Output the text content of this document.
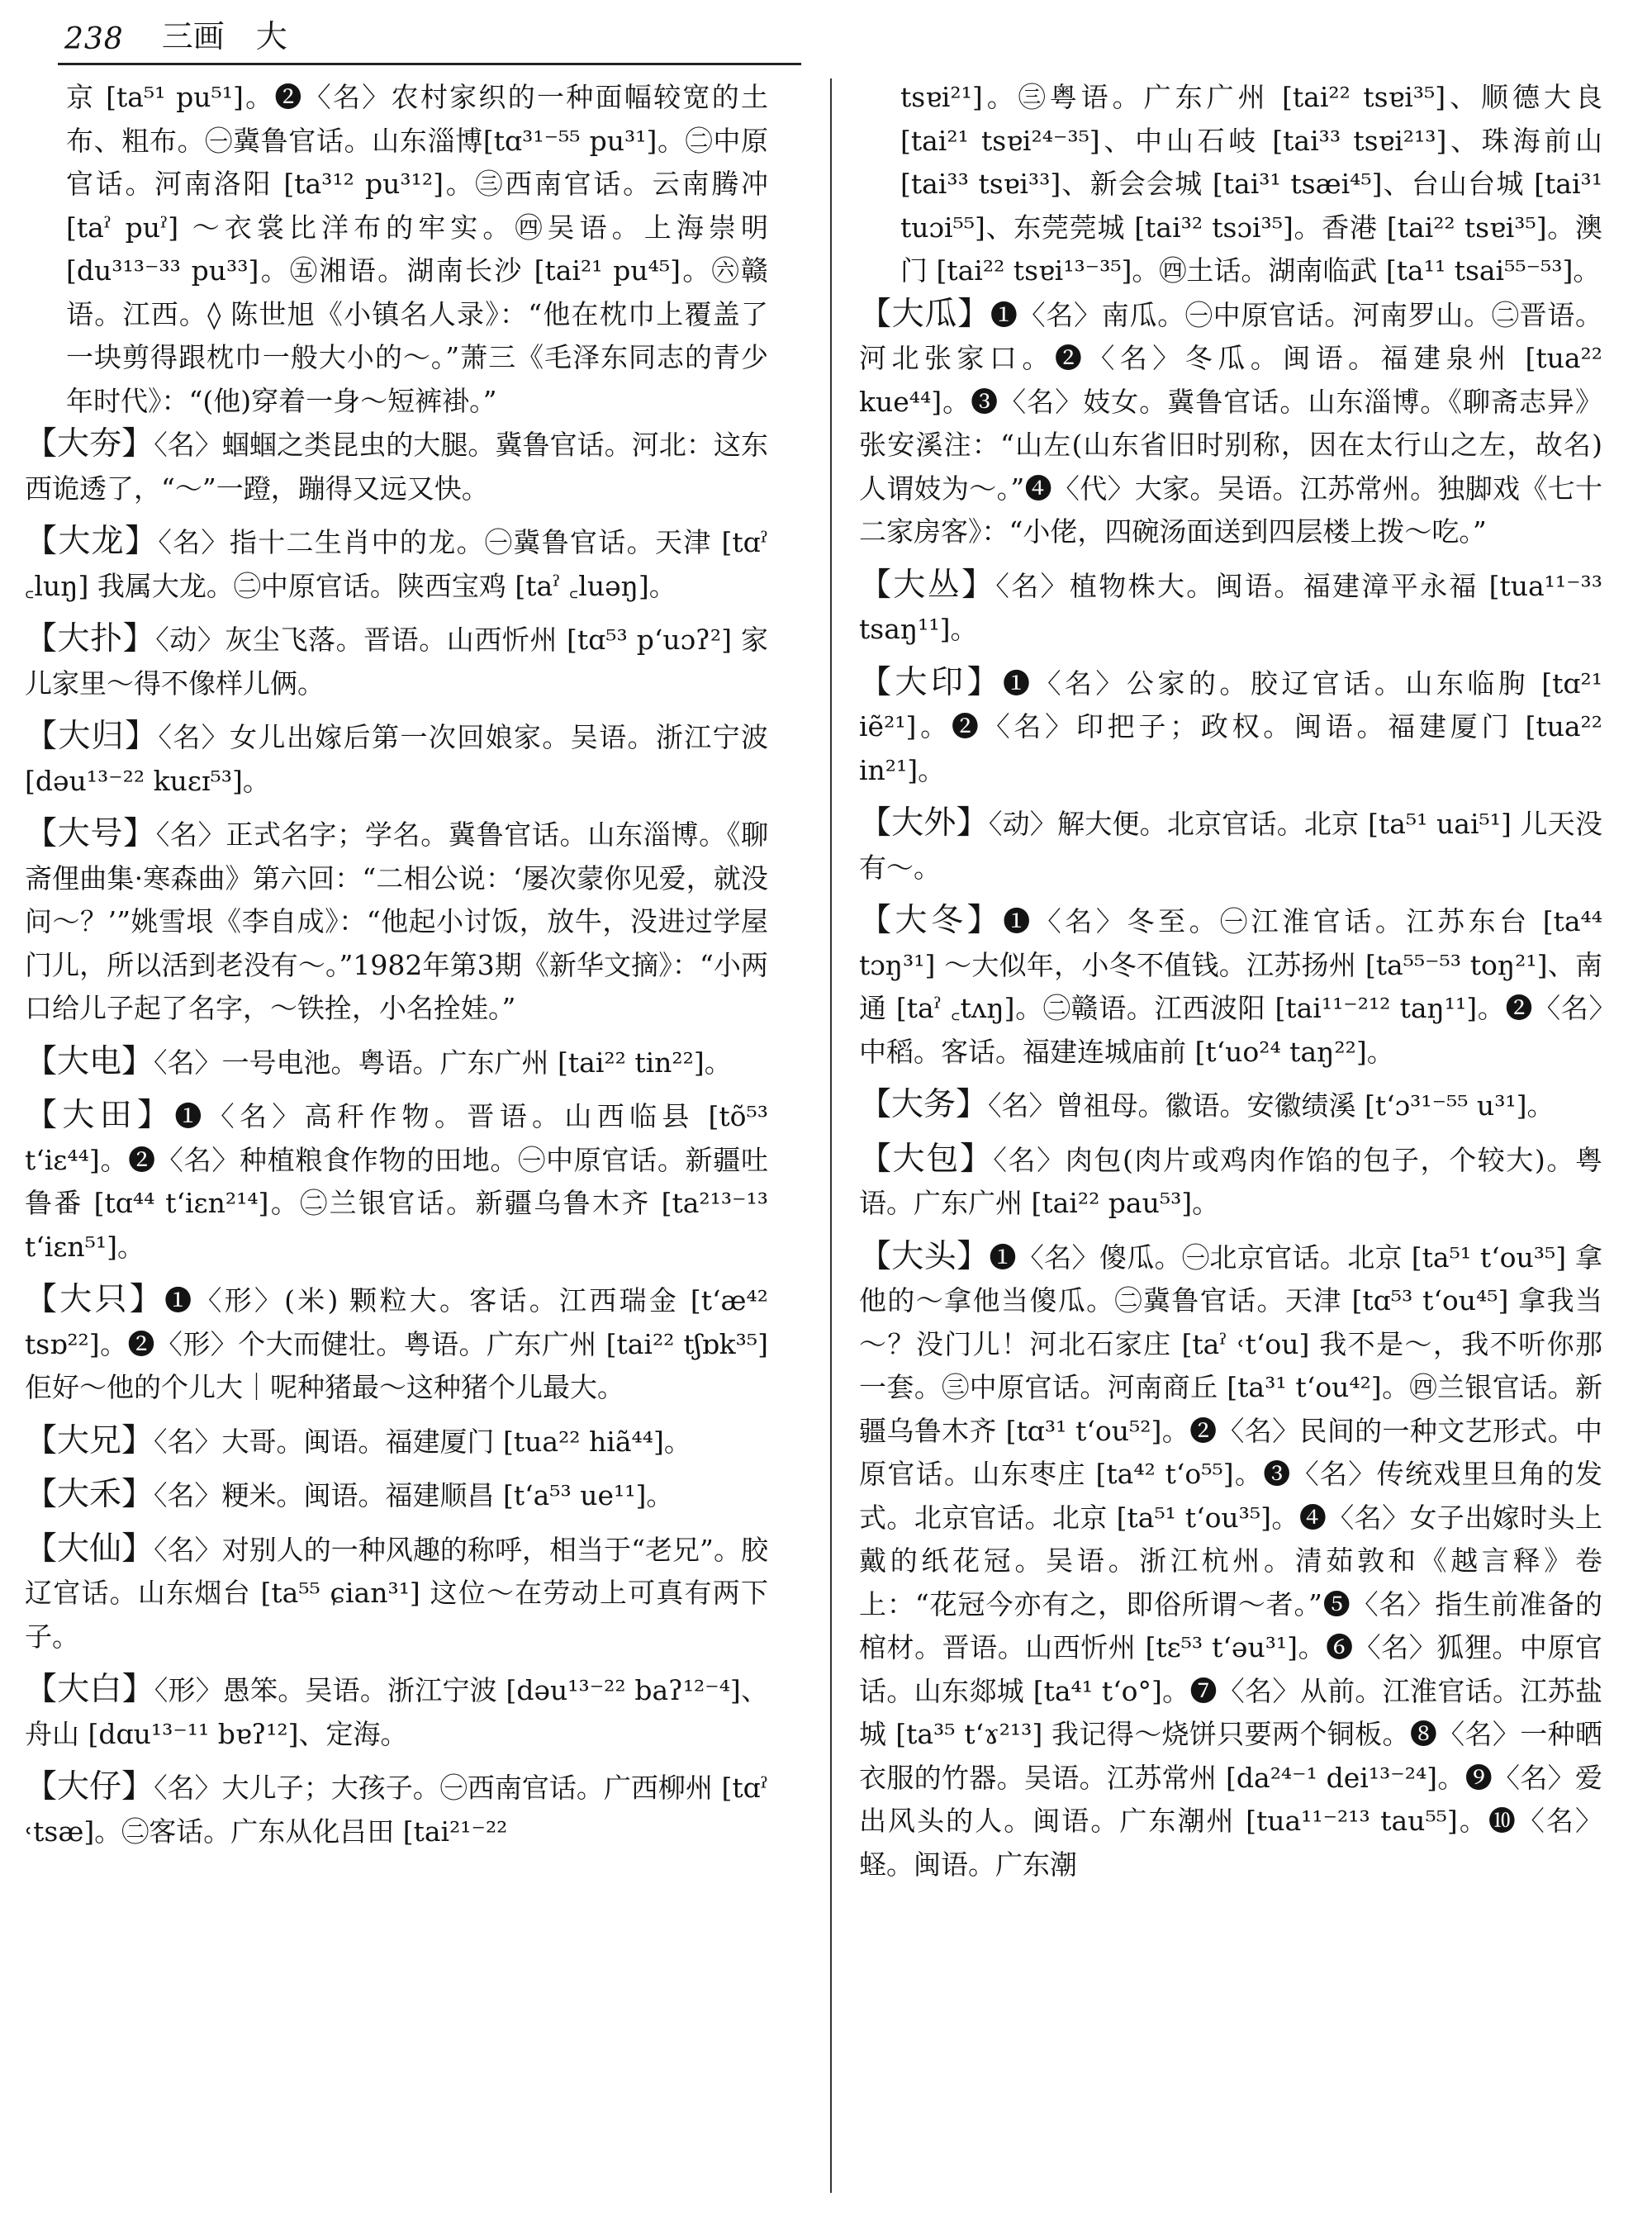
238 三画　大
京 [ta⁵¹ pu⁵¹]。❷〈名〉农村家织的一种面幅较宽的土布、粗布。㊀冀鲁官话。山东淄博[tɑ³¹⁻⁵⁵ pu³¹]。㊁中原官话。河南洛阳 [ta³¹² pu³¹²]。㊂西南官话。云南腾冲 [taˀ puˀ] ～衣裳比洋布的牢实。㊃吴语。上海崇明 [du³¹³⁻³³ pu³³]。㊄湘语。湖南长沙 [tai²¹ pu⁴⁵]。㊅赣语。江西。◊ 陈世旭《小镇名人录》：“他在枕巾上覆盖了一块剪得跟枕巾一般大小的～。”萧三《毛泽东同志的青少年时代》：“(他)穿着一身～短裤褂。”
【大夯】〈名〉蝈蝈之类昆虫的大腿。冀鲁官话。河北：这东西诡透了，“～”一蹬，蹦得又远又快。
【大龙】〈名〉指十二生肖中的龙。㊀冀鲁官话。天津 [tɑˀ ꜀luŋ] 我属大龙。㊁中原官话。陕西宝鸡 [taˀ ꜀luəŋ]。
【大扑】〈动〉灰尘飞落。晋语。山西忻州 [tɑ⁵³ pʻuɔʔ²] 家儿家里～得不像样儿俩。
【大归】〈名〉女儿出嫁后第一次回娘家。吴语。浙江宁波 [dəu¹³⁻²² kuɛɪ⁵³]。
【大号】〈名〉正式名字；学名。冀鲁官话。山东淄博。《聊斋俚曲集·寒森曲》第六回：“二相公说：‘屡次蒙你见爱，就没问～？’”姚雪垠《李自成》：“他起小讨饭，放牛，没进过学屋门儿，所以活到老没有～。”1982年第3期《新华文摘》：“小两口给儿子起了名字，～铁拴，小名拴娃。”
【大电】〈名〉一号电池。粤语。广东广州 [tai²² tin²²]。
【大田】❶〈名〉高秆作物。晋语。山西临县 [tõ⁵³ tʻiɛ⁴⁴]。❷〈名〉种植粮食作物的田地。㊀中原官话。新疆吐鲁番 [tɑ⁴⁴ tʻiɛn²¹⁴]。㊁兰银官话。新疆乌鲁木齐 [ta²¹³⁻¹³ tʻiɛn⁵¹]。
【大只】❶〈形〉(米) 颗粒大。客话。江西瑞金 [tʻæ⁴² tsɒ²²]。❷〈形〉个大而健壮。粤语。广东广州 [tai²² tʃɒk³⁵] 佢好～他的个儿大｜呢种猪最～这种猪个儿最大。
【大兄】〈名〉大哥。闽语。福建厦门 [tua²² hiã⁴⁴]。
【大禾】〈名〉粳米。闽语。福建顺昌 [tʻa⁵³ ue¹¹]。
【大仙】〈名〉对别人的一种风趣的称呼，相当于“老兄”。胶辽官话。山东烟台 [ta⁵⁵ ɕian³¹] 这位～在劳动上可真有两下子。
【大白】〈形〉愚笨。吴语。浙江宁波 [dəu¹³⁻²² baʔ¹²⁻⁴]、舟山 [dɑu¹³⁻¹¹ bɐʔ¹²]、定海。
【大仔】〈名〉大儿子；大孩子。㊀西南官话。广西柳州 [tɑˀ ˓tsæ]。㊁客话。广东从化吕田 [tai²¹⁻²²
tsɐi²¹]。㊂粤语。广东广州 [tai²² tsɐi³⁵]、顺德大良 [tai²¹ tsɐi²⁴⁻³⁵]、中山石岐 [tai³³ tsɐi²¹³]、珠海前山 [tai³³ tsɐi³³]、新会会城 [tai³¹ tsæi⁴⁵]、台山台城 [tai³¹ tuɔi⁵⁵]、东莞莞城 [tai³² tsɔi³⁵]。香港 [tai²² tsɐi³⁵]。澳门 [tai²² tsɐi¹³⁻³⁵]。㊃土话。湖南临武 [ta¹¹ tsai⁵⁵⁻⁵³]。
【大瓜】❶〈名〉南瓜。㊀中原官话。河南罗山。㊁晋语。河北张家口。❷〈名〉冬瓜。闽语。福建泉州 [tua²² kue⁴⁴]。❸〈名〉妓女。冀鲁官话。山东淄博。《聊斋志异》张安溪注：“山左(山东省旧时别称，因在太行山之左，故名)人谓妓为～。”❹〈代〉大家。吴语。江苏常州。独脚戏《七十二家房客》：“小佬，四碗汤面送到四层楼上拨～吃。”
【大丛】〈名〉植物株大。闽语。福建漳平永福 [tua¹¹⁻³³ tsaŋ¹¹]。
【大印】❶〈名〉公家的。胶辽官话。山东临朐 [tɑ²¹ iẽ²¹]。❷〈名〉印把子；政权。闽语。福建厦门 [tua²² in²¹]。
【大外】〈动〉解大便。北京官话。北京 [ta⁵¹ uai⁵¹] 儿天没有～。
【大冬】❶〈名〉冬至。㊀江淮官话。江苏东台 [ta⁴⁴ tɔŋ³¹] ～大似年，小冬不值钱。江苏扬州 [ta⁵⁵⁻⁵³ toŋ²¹]、南通 [taˀ ꜀tʌŋ]。㊁赣语。江西波阳 [tai¹¹⁻²¹² taŋ¹¹]。❷〈名〉中稻。客话。福建连城庙前 [tʻuo²⁴ taŋ²²]。
【大务】〈名〉曾祖母。徽语。安徽绩溪 [tʻɔ³¹⁻⁵⁵ u³¹]。
【大包】〈名〉肉包(肉片或鸡肉作馅的包子，个较大)。粤语。广东广州 [tai²² pau⁵³]。
【大头】❶〈名〉傻瓜。㊀北京官话。北京 [ta⁵¹ tʻou³⁵] 拿他的～拿他当傻瓜。㊁冀鲁官话。天津 [tɑ⁵³ tʻou⁴⁵] 拿我当～？没门儿！河北石家庄 [taˀ ˓tʻou] 我不是～，我不听你那一套。㊂中原官话。河南商丘 [ta³¹ tʻou⁴²]。㊃兰银官话。新疆乌鲁木齐 [tɑ³¹ tʻou⁵²]。❷〈名〉民间的一种文艺形式。中原官话。山东枣庄 [ta⁴² tʻo⁵⁵]。❸〈名〉传统戏里旦角的发式。北京官话。北京 [ta⁵¹ tʻou³⁵]。❹〈名〉女子出嫁时头上戴的纸花冠。吴语。浙江杭州。清茹敦和《越言释》卷上：“花冠今亦有之，即俗所谓～者。”❺〈名〉指生前准备的棺材。晋语。山西忻州 [tɛ⁵³ tʻəu³¹]。❻〈名〉狐狸。中原官话。山东郯城 [ta⁴¹ tʻo°]。❼〈名〉从前。江淮官话。江苏盐城 [ta³⁵ tʻɤ²¹³] 我记得～烧饼只要两个铜板。❽〈名〉一种晒衣服的竹器。吴语。江苏常州 [da²⁴⁻¹ dei¹³⁻²⁴]。❾〈名〉爱出风头的人。闽语。广东潮州 [tua¹¹⁻²¹³ tau⁵⁵]。❿〈名〉蛏。闽语。广东潮
